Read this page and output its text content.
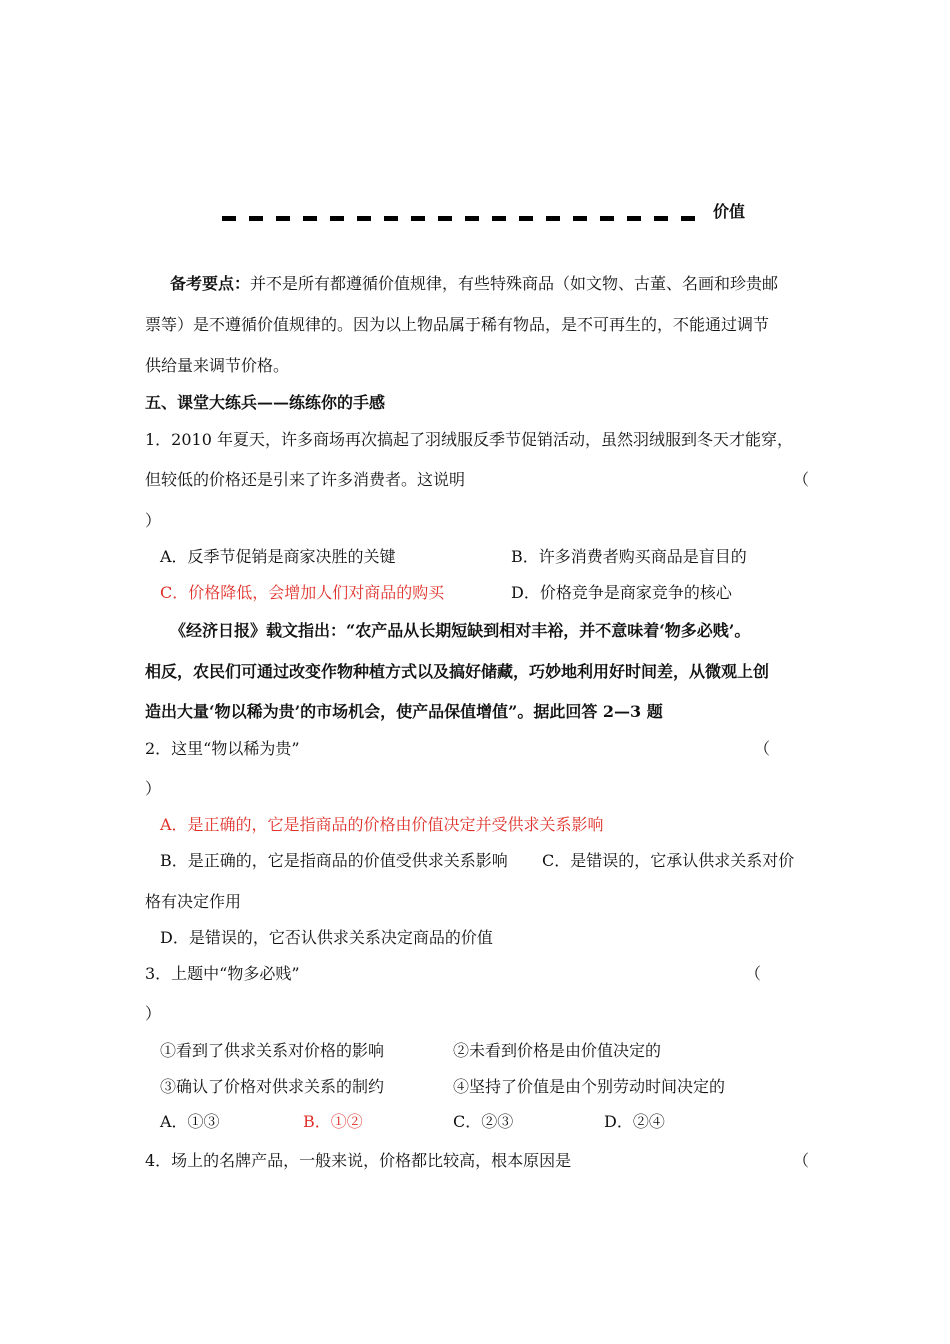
价值
备考要点：并不是所有都遵循价值规律，有些特殊商品（如文物、古董、名画和珍贵邮
票等）是不遵循价值规律的。因为以上物品属于稀有物品，是不可再生的，不能通过调节
供给量来调节价格。
五、课堂大练兵——练练你的手感
1．2010 年夏天，许多商场再次搞起了羽绒服反季节促销活动，虽然羽绒服到冬天才能穿，
但较低的价格还是引来了许多消费者。这说明	（
）
A．反季节促销是商家决胜的关键	B．许多消费者购买商品是盲目的
C．价格降低，会增加人们对商品的购买	D．价格竞争是商家竞争的核心
《经济日报》载文指出：“农产品从长期短缺到相对丰裕，并不意味着‘物多必贱’。
相反，农民们可通过改变作物种植方式以及搞好储藏，巧妙地利用好时间差，从微观上创
造出大量‘物以稀为贵’的市场机会，使产品保值增值”。据此回答 2—3 题
2．这里“物以稀为贵”	（
）
A．是正确的，它是指商品的价格由价值决定并受供求关系影响
B．是正确的，它是指商品的价值受供求关系影响 C．是错误的，它承认供求关系对价
格有决定作用
D．是错误的，它否认供求关系决定商品的价值
3．上题中“物多必贱”	（
）
①看到了供求关系对价格的影响	②未看到价格是由价值决定的
③确认了价格对供求关系的制约	④坚持了价值是由个别劳动时间决定的
A．①③	B．①②	C．②③	D．②④
4．场上的名牌产品，一般来说，价格都比较高，根本原因是	（
